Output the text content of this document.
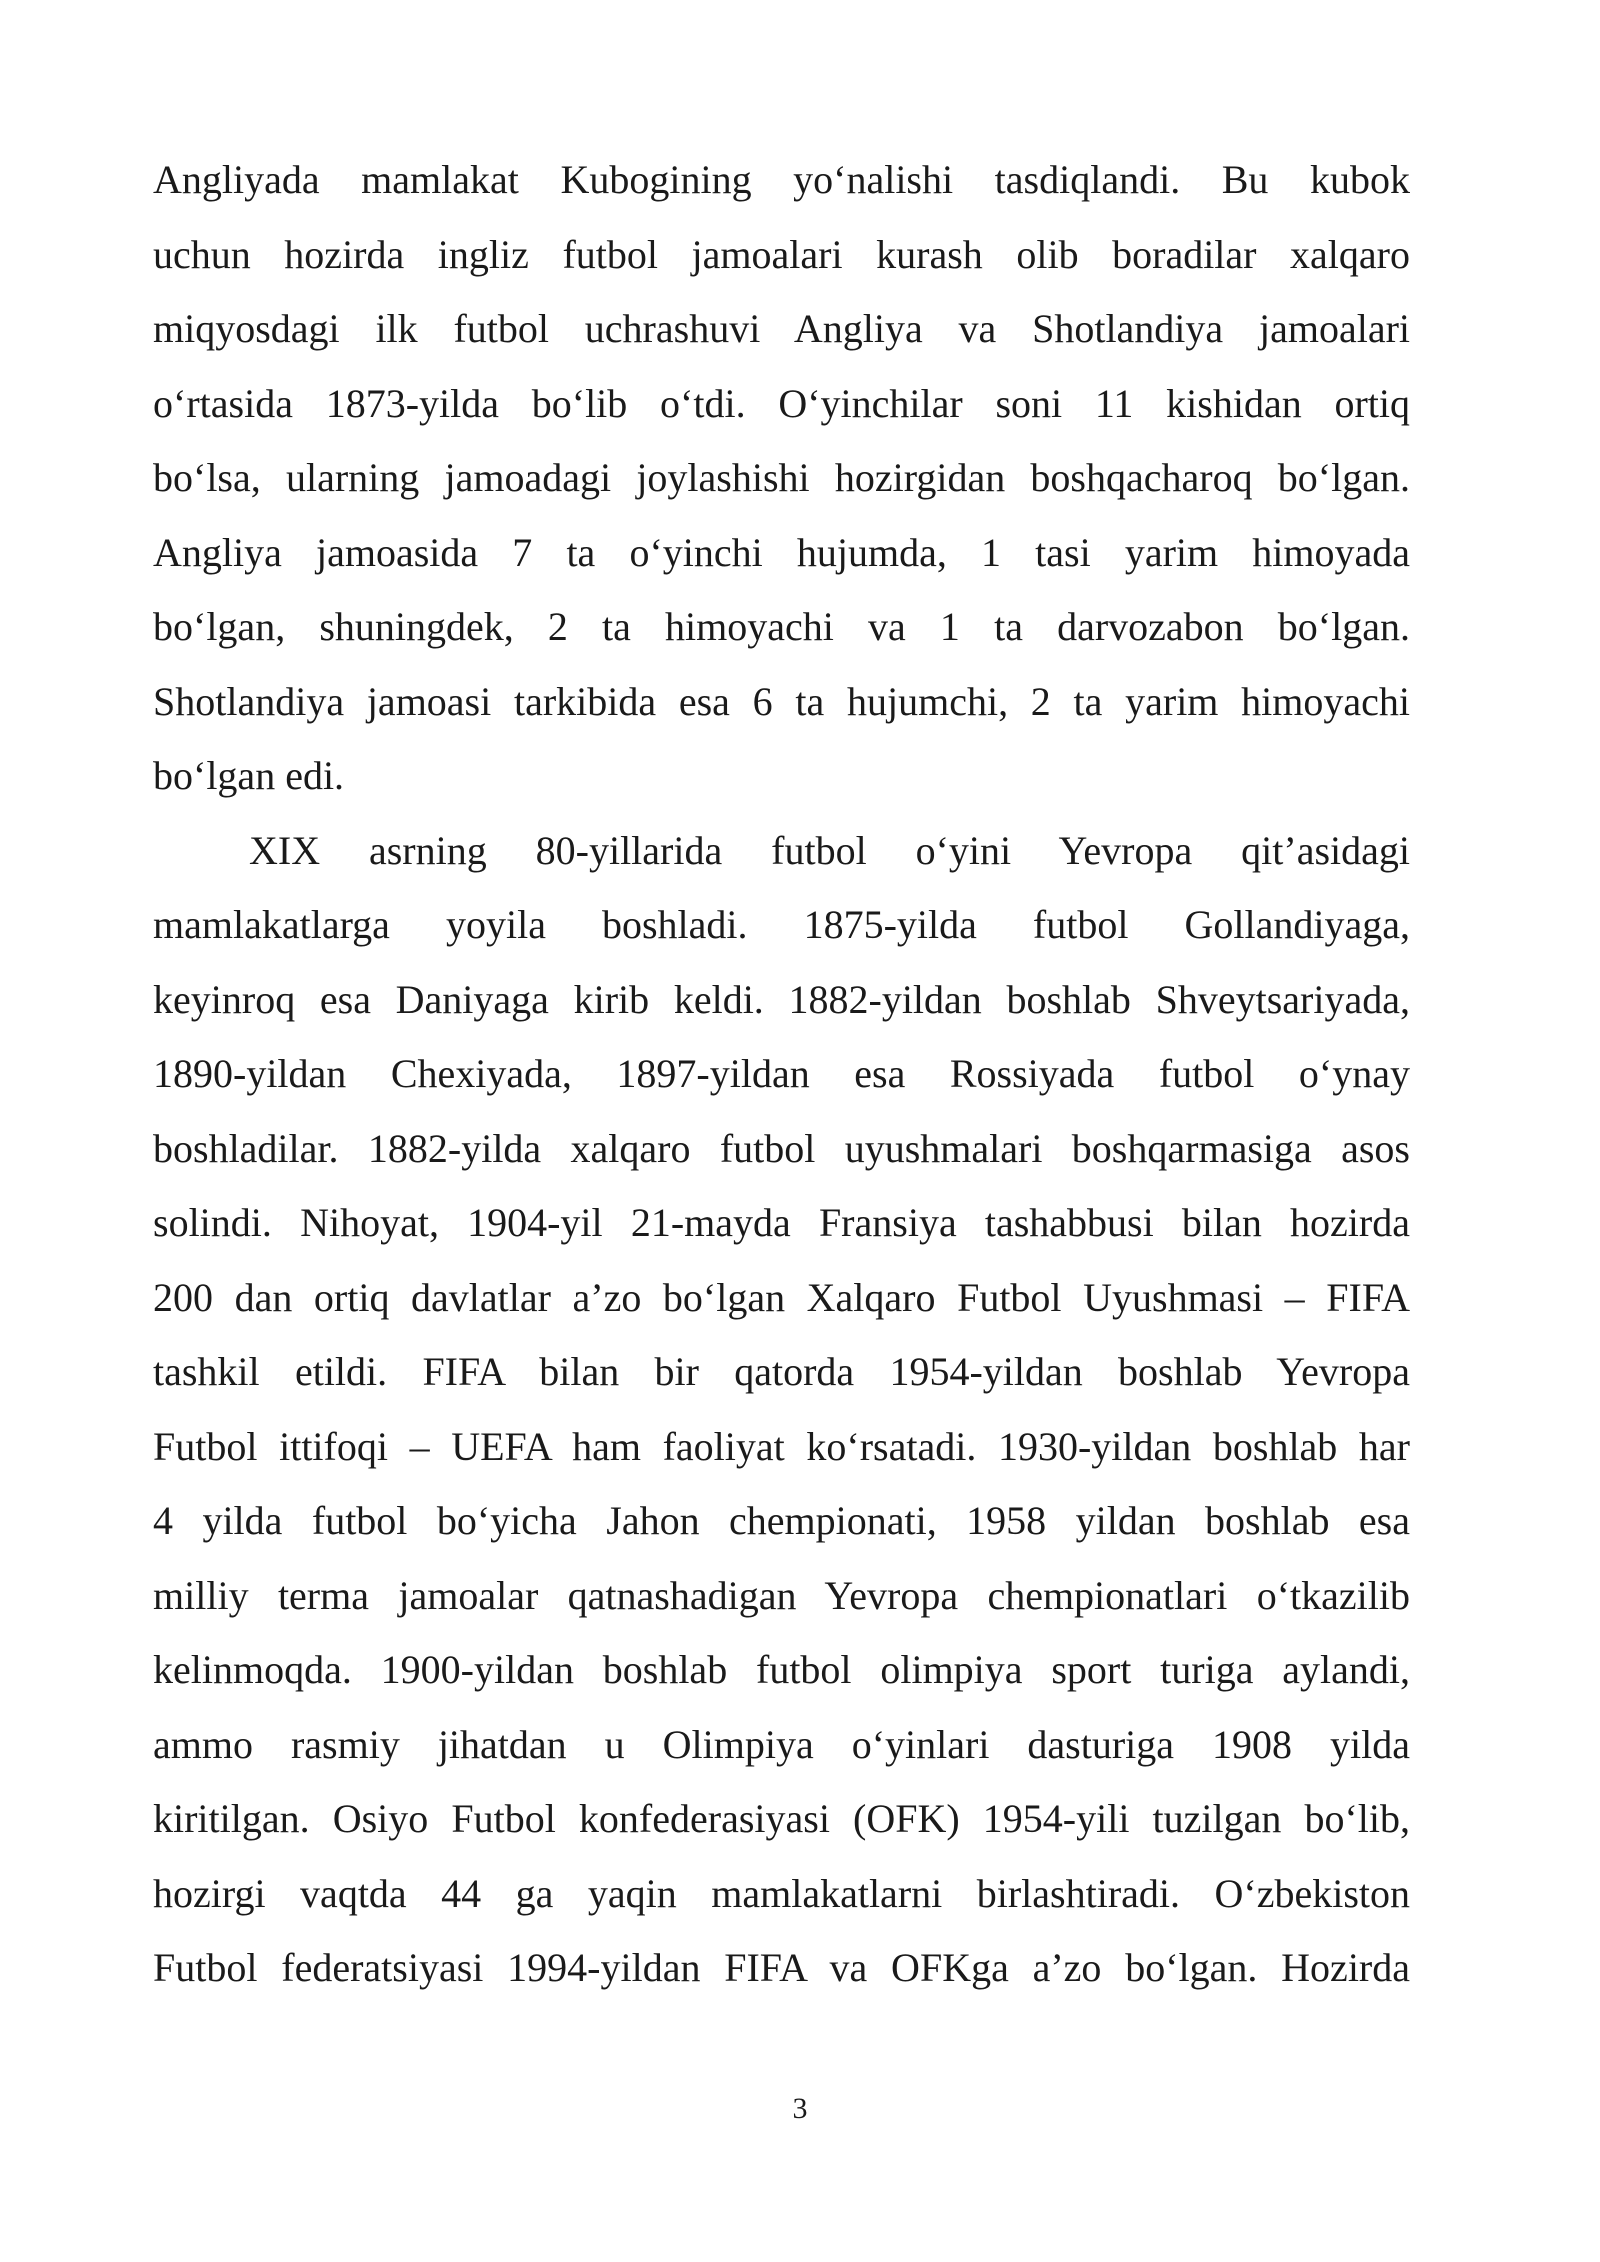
Angliyada mamlakat Kubogining yo‘nalishi tasdiqlandi. Bu kubok
uchun hozirda ingliz futbol jamoalari kurash olib boradilar xalqaro
miqyosdagi ilk futbol uchrashuvi Angliya va Shotlandiya jamoalari
o‘rtasida 1873-yilda bo‘lib o‘tdi. O‘yinchilar soni 11 kishidan ortiq
bo‘lsa, ularning jamoadagi joylashishi hozirgidan boshqacharoq bo‘lgan.
Angliya jamoasida 7 ta o‘yinchi hujumda, 1 tasi yarim himoyada
bo‘lgan, shuningdek, 2 ta himoyachi va 1 ta darvozabon bo‘lgan.
Shotlandiya jamoasi tarkibida esa 6 ta hujumchi, 2 ta yarim himoyachi
bo‘lgan edi.

XIX asrning 80-yillarida futbol o‘yini Yevropa qit’asidagi
mamlakatlarga yoyila boshladi. 1875-yilda futbol Gollandiyaga,
keyinroq esa Daniyaga kirib keldi. 1882-yildan boshlab Shveytsariyada,
1890-yildan Chexiyada, 1897-yildan esa Rossiyada futbol o‘ynay
boshladilar. 1882-yilda xalqaro futbol uyushmalari boshqarmasiga asos
solindi. Nihoyat, 1904-yil 21-mayda Fransiya tashabbusi bilan hozirda
200 dan ortiq davlatlar a’zo bo‘lgan Xalqaro Futbol Uyushmasi – FIFA
tashkil etildi. FIFA bilan bir qatorda 1954-yildan boshlab Yevropa
Futbol ittifoqi – UEFA ham faoliyat ko‘rsatadi. 1930-yildan boshlab har
4 yilda futbol bo‘yicha Jahon chempionati, 1958 yildan boshlab esa
milliy terma jamoalar qatnashadigan Yevropa chempionatlari o‘tkazilib
kelinmoqda. 1900-yildan boshlab futbol olimpiya sport turiga aylandi,
ammo rasmiy jihatdan u Olimpiya o‘yinlari dasturiga 1908 yilda
kiritilgan. Osiyo Futbol konfederasiyasi (OFK) 1954-yili tuzilgan bo‘lib,
hozirgi vaqtda 44 ga yaqin mamlakatlarni birlashtiradi. O‘zbekiston
Futbol federatsiyasi 1994-yildan FIFA va OFKga a’zo bo‘lgan. Hozirda

3
